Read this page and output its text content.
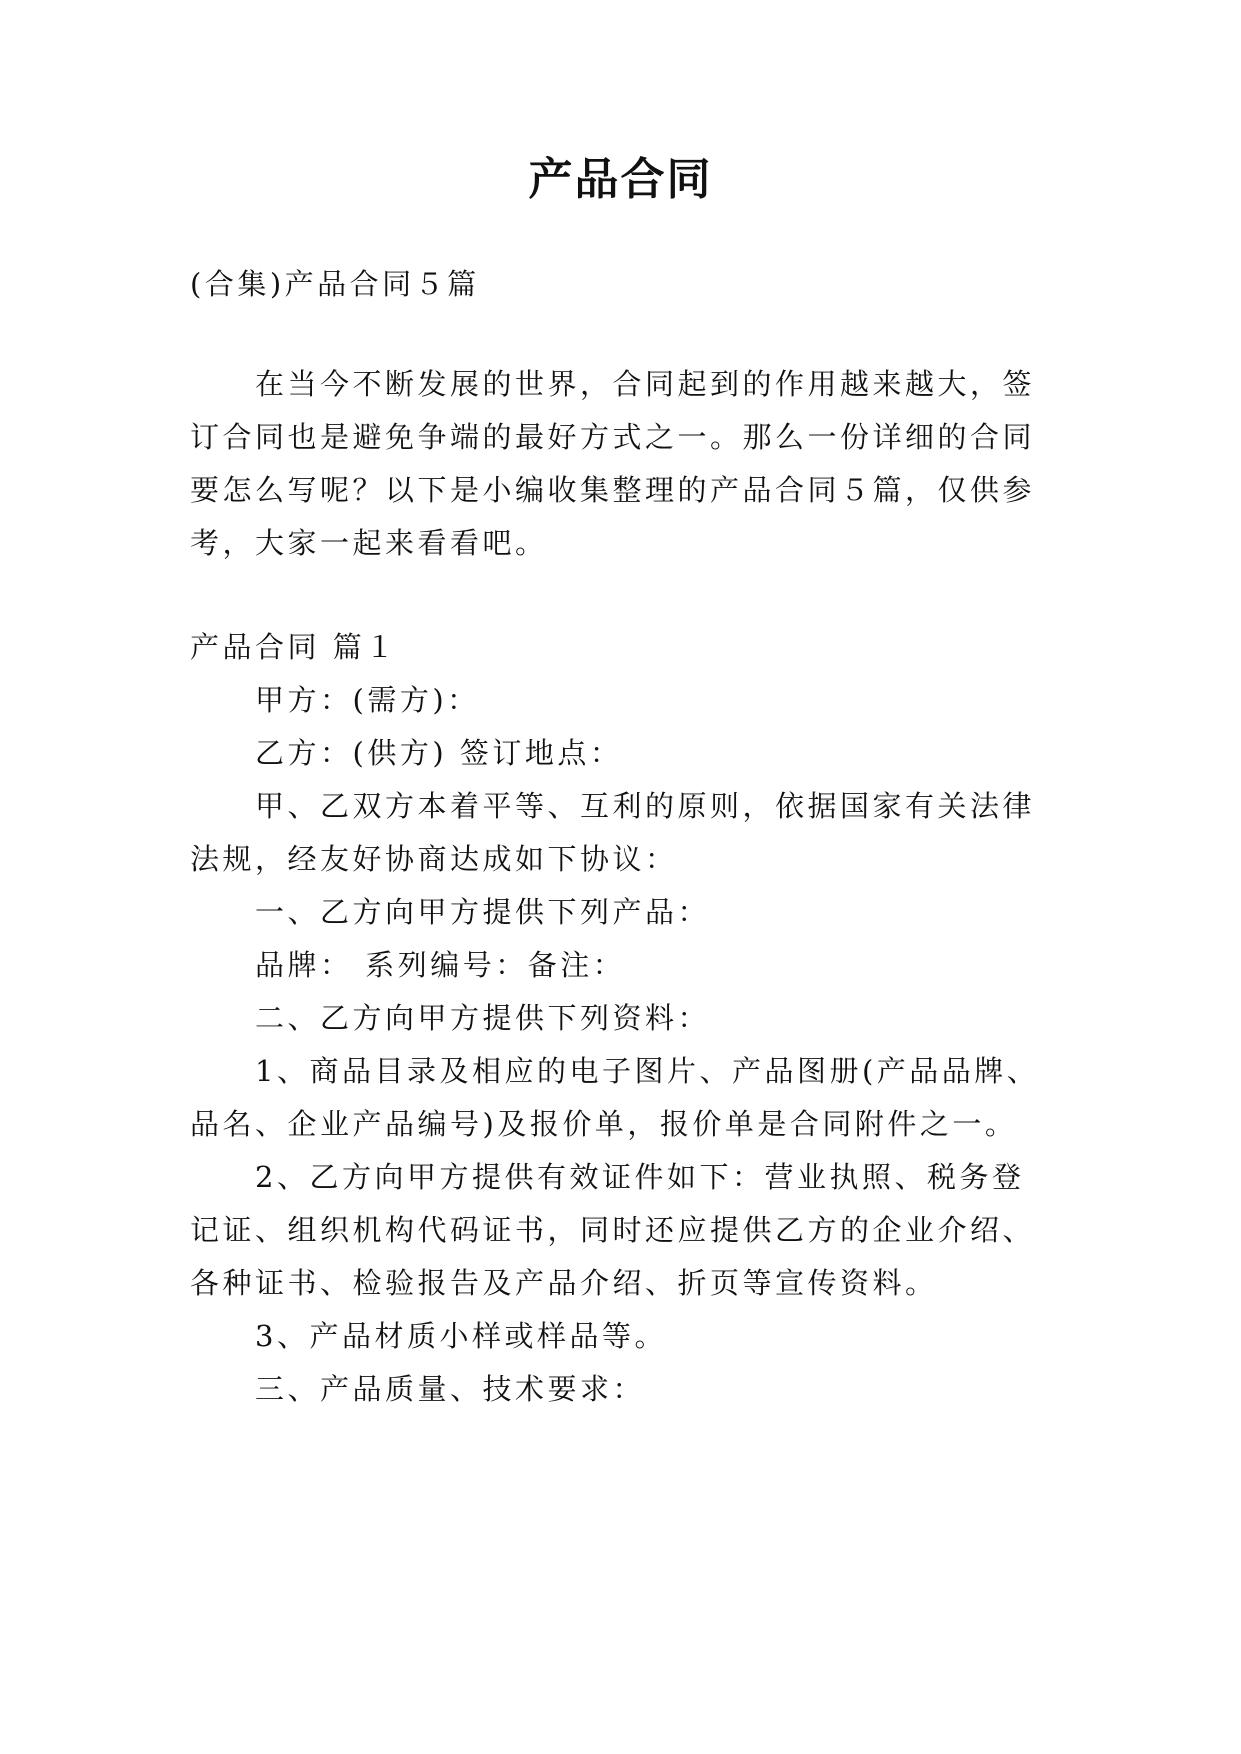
产品合同
(合集)产品合同５篇
在当今不断发展的世界，合同起到的作用越来越大，签
订合同也是避免争端的最好方式之一。那么一份详细的合同
要怎么写呢？以下是小编收集整理的产品合同５篇，仅供参
考，大家一起来看看吧。
产品合同 篇１
甲方：(需方)：
乙方：(供方) 签订地点：
甲、乙双方本着平等、互利的原则，依据国家有关法律
法规，经友好协商达成如下协议：
一、乙方向甲方提供下列产品：
品牌： 系列编号：备注：
二、乙方向甲方提供下列资料：
1、商品目录及相应的电子图片、产品图册(产品品牌、
品名、企业产品编号)及报价单，报价单是合同附件之一。
2、乙方向甲方提供有效证件如下：营业执照、税务登
记证、组织机构代码证书，同时还应提供乙方的企业介绍、
各种证书、检验报告及产品介绍、折页等宣传资料。
3、产品材质小样或样品等。
三、产品质量、技术要求：
